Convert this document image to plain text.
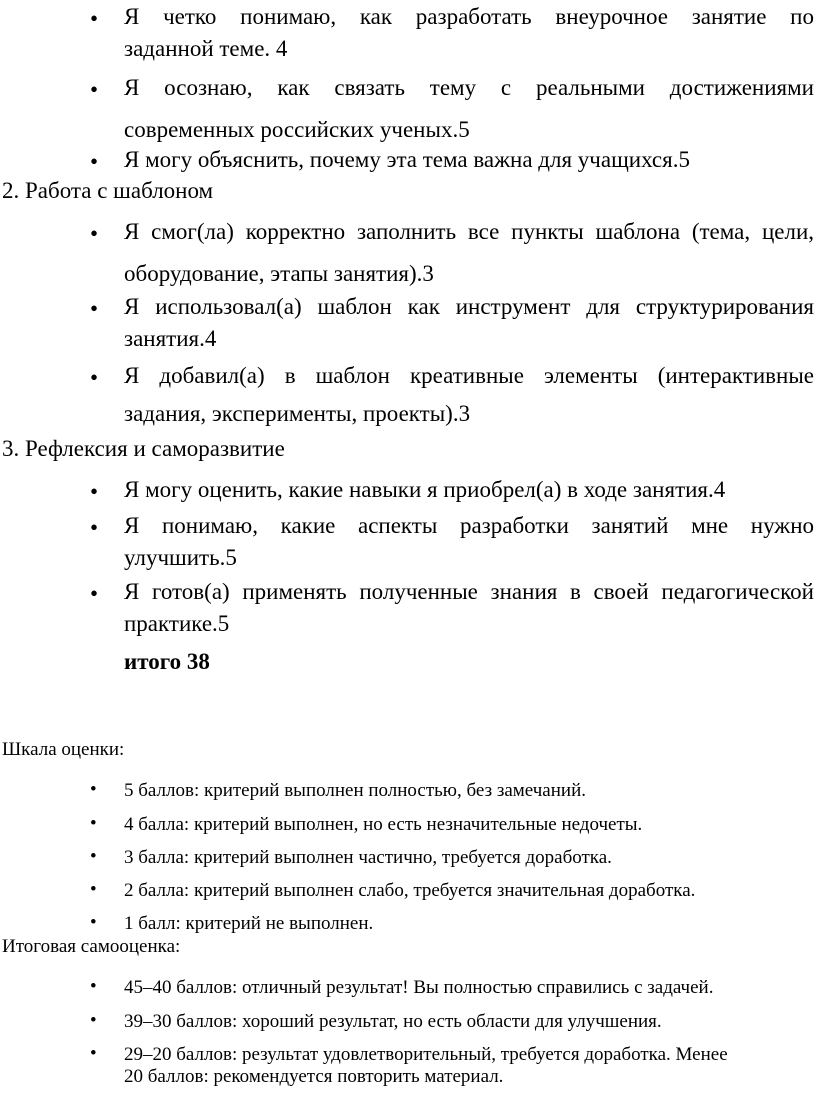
• Я четко понимаю, как разработать внеурочное занятие по
заданной теме. 4
• Я осознаю, как связать тему с реальными достижениями
современных российских ученых.5
• Я могу объяснить, почему эта тема важна для учащихся.5
2. Работа с шаблоном
• Я смог(ла) корректно заполнить все пункты шаблона (тема, цели,
оборудование, этапы занятия).3
• Я использовал(а) шаблон как инструмент для структурирования
занятия.4
• Я добавил(а) в шаблон креативные элементы (интерактивные
задания, эксперименты, проекты).3
3. Рефлексия и саморазвитие
• Я могу оценить, какие навыки я приобрел(а) в ходе занятия.4
• Я понимаю, какие аспекты разработки занятий мне нужно
улучшить.5
• Я готов(а) применять полученные знания в своей педагогической
практике.5
итого 38
Шкала оценки:
• 5 баллов: критерий выполнен полностью, без замечаний.
• 4 балла: критерий выполнен, но есть незначительные недочеты.
• 3 балла: критерий выполнен частично, требуется доработка.
• 2 балла: критерий выполнен слабо, требуется значительная доработка.
• 1 балл: критерий не выполнен.
Итоговая самооценка:
• 45–40 баллов: отличный результат! Вы полностью справились с задачей.
• 39–30 баллов: хороший результат, но есть области для улучшения.
• 29–20 баллов: результат удовлетворительный, требуется доработка. Менее
20 баллов: рекомендуется повторить материал.
